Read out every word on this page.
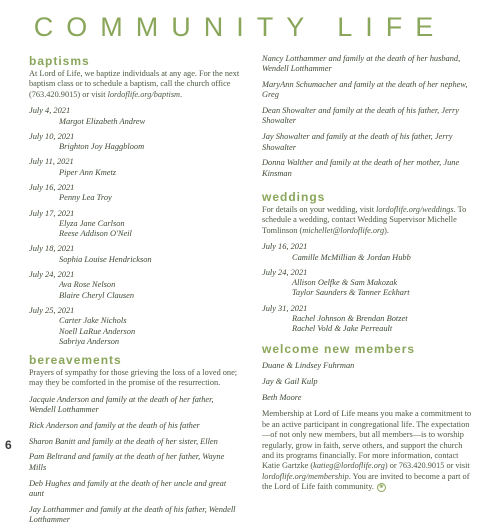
COMMUNITY LIFE
baptisms

At Lord of Life, we baptize individuals at any age. For the next baptism class or to schedule a baptism, call the church office (763.420.9015) or visit lordoflife.org/baptism.

July 4, 2021

Margot Elizabeth Andrew

July 10, 2021

Brighton Joy Haggbloom

July 11, 2021

Piper Ann Kmetz

July 16, 2021

Penny Lea Troy

July 17, 2021

Elyza Jane Carlson

Reese Addison O'Neil

July 18, 2021

Sophia Louise Hendrickson

July 24, 2021

Ava Rose Nelson

Blaire Cheryl Clausen

July 25, 2021

Carter Jake Nichols

Noell LaRue Anderson

Sabriya Anderson

bereavements

Prayers of sympathy for those grieving the loss of a loved one; may they be comforted in the promise of the resurrection.

Jacquie Anderson and family at the death of her father, Wendell Lotthammer

Rick Anderson and family at the death of his father

Sharon Banitt and family at the death of her sister, Ellen

Pam Beltrand and family at the death of her father, Wayne Mills

Deb Hughes and family at the death of her uncle and great aunt

Jay Lotthammer and family at the death of his father, Wendell Lotthammer

Nancy Lotthammer and family at the death of her husband, Wendell Lotthammer

MaryAnn Schumacher and family at the death of her nephew, Greg

Dean Showalter and family at the death of his father, Jerry Showalter

Jay Showalter and family at the death of his father, Jerry Showalter

Donna Walther and family at the death of her mother, June Kinsman

weddings

For details on your wedding, visit lordoflife.org/weddings. To schedule a wedding, contact Wedding Supervisor Michelle Tomlinson (michellet@lordoflife.org).

July 16, 2021

Camille McMillian & Jordan Hubb

July 24, 2021

Allison Oelfke & Sam Makozak

Taylor Saunders & Tanner Eckhart

July 31, 2021

Rachel Johnson & Brendan Botzet

Rachel Vold & Jake Perreault

welcome new members

Duane & Lindsey Fuhrman

Jay & Gail Kulp

Beth Moore

Membership at Lord of Life means you make a commitment to be an active participant in congregational life. The expectation—of not only new members, but all members—is to worship regularly, grow in faith, serve others, and support the church and its programs financially. For more information, contact Katie Gartzke (katieg@lordoflife.org) or 763.420.9015 or visit lordoflife.org/membership. You are invited to become a part of the Lord of Life faith community. ❀

6
